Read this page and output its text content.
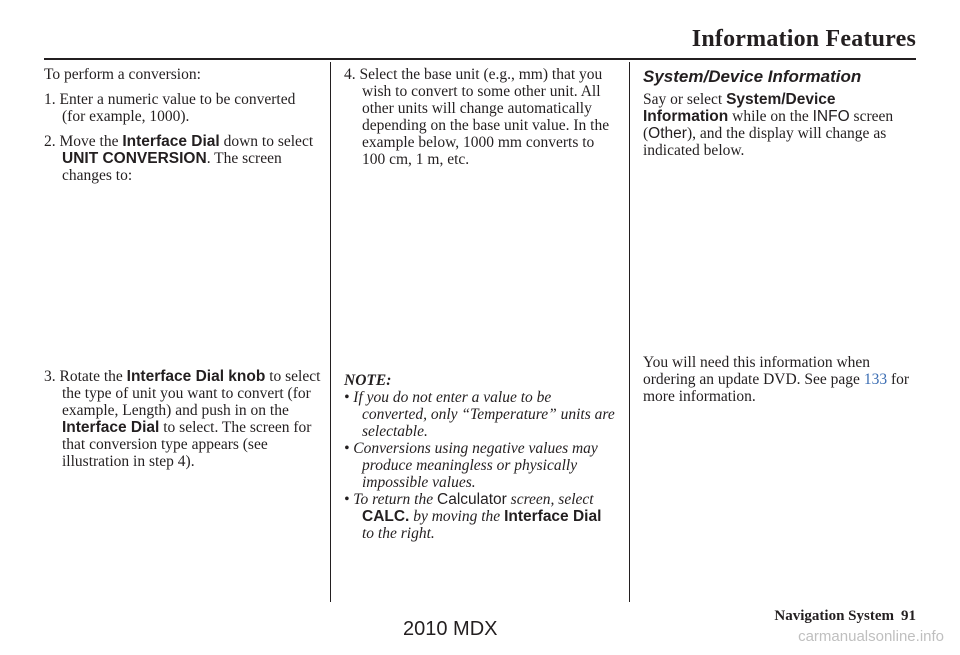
Information Features

To perform a conversion:

1. Enter a numeric value to be converted (for example, 1000).

2. Move the Interface Dial down to select UNIT CONVERSION. The screen changes to:

3. Rotate the Interface Dial knob to select the type of unit you want to convert (for example, Length) and push in on the Interface Dial to select. The screen for that conversion type appears (see illustration in step 4).

4. Select the base unit (e.g., mm) that you wish to convert to some other unit. All other units will change automatically depending on the base unit value. In the example below, 1000 mm converts to 100 cm, 1 m, etc.

NOTE:

• If you do not enter a value to be converted, only “Temperature” units are selectable.

• Conversions using negative values may produce meaningless or physically impossible values.

• To return the Calculator screen, select CALC. by moving the Interface Dial to the right.

System/Device Information

Say or select System/Device Information while on the INFO screen (Other), and the display will change as indicated below.

You will need this information when ordering an update DVD. See page 133 for more information.

Navigation System 91
2010 MDX	carmanualsonline.info
